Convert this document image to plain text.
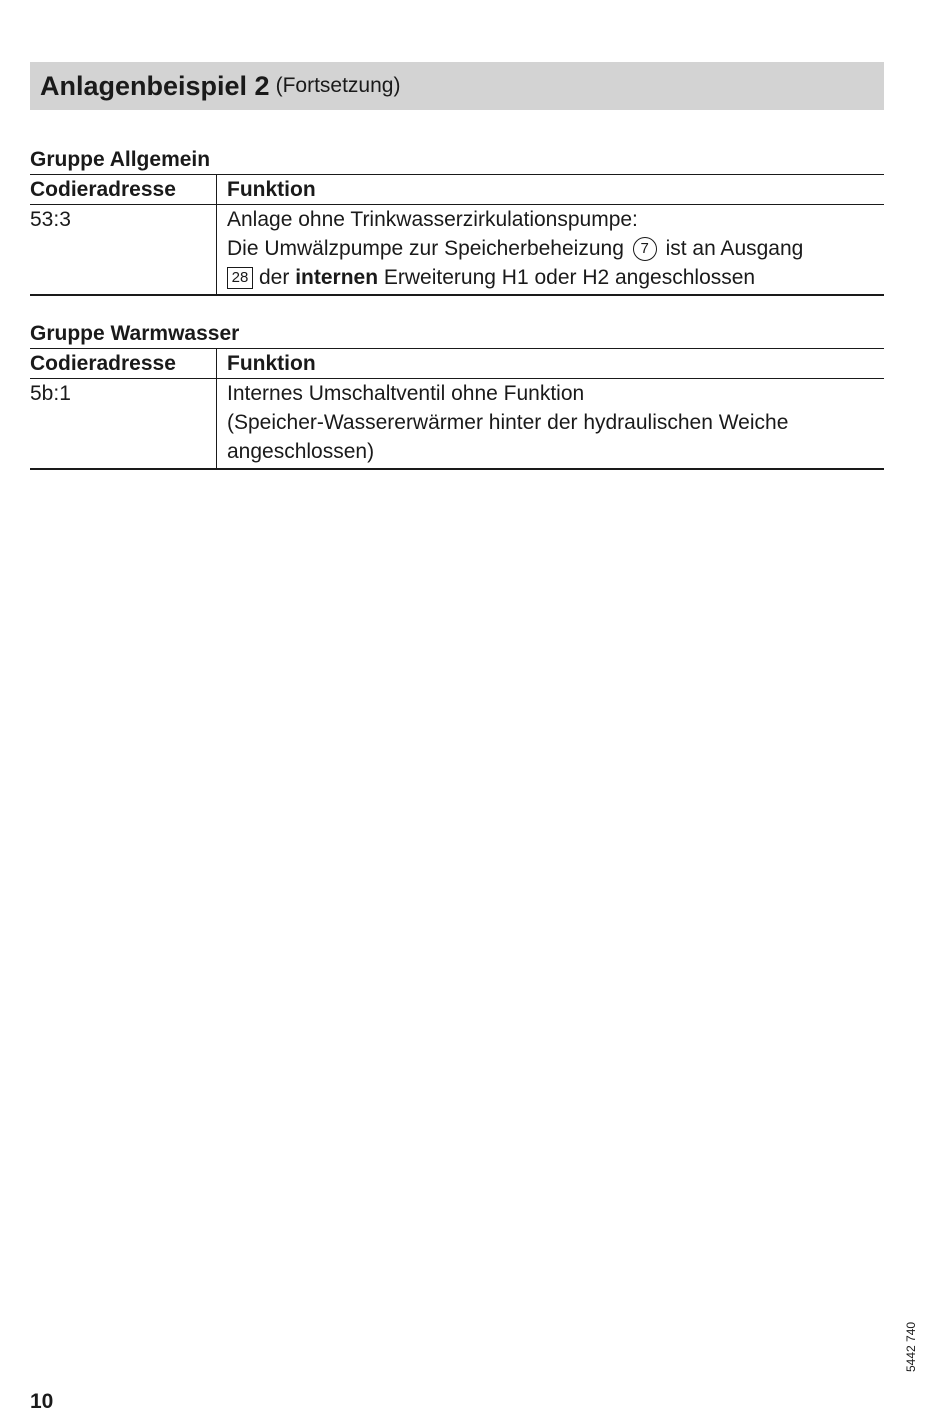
Anlagenbeispiel 2 (Fortsetzung)
Gruppe Allgemein
Codieradresse	Funktion
53:3	Anlage ohne Trinkwasserzirkulationspumpe:
Die Umwälzpumpe zur Speicherbeheizung 7 ist an Ausgang
28 der internen Erweiterung H1 oder H2 angeschlossen
Gruppe Warmwasser
Codieradresse	Funktion
5b:1	Internes Umschaltventil ohne Funktion
(Speicher-Wassererwärmer hinter der hydraulischen Weiche
angeschlossen)
10
5442 740
